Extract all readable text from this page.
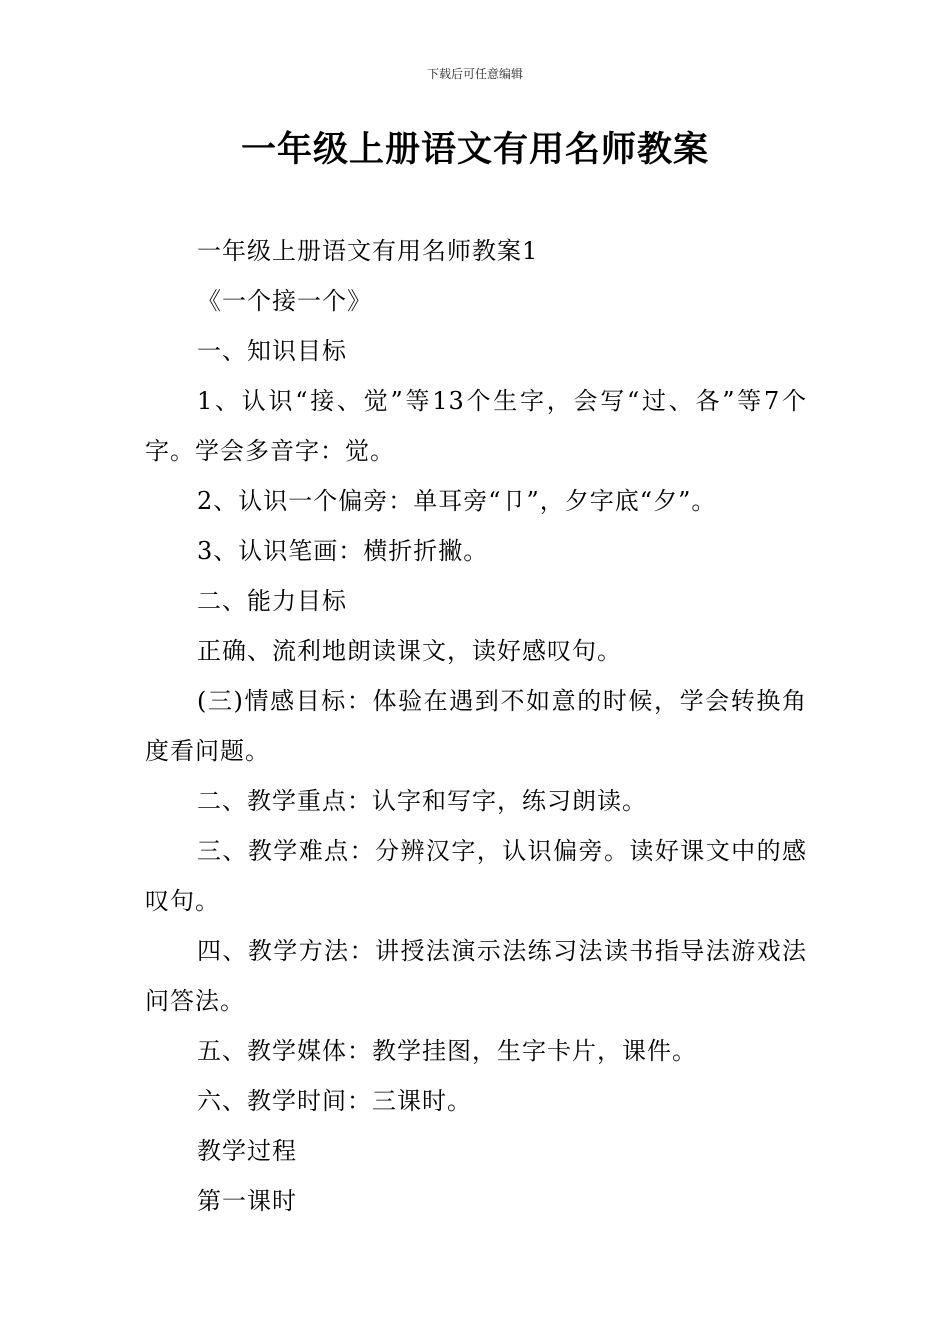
下载后可任意编辑
一年级上册语文有用名师教案

一年级上册语文有用名师教案1

《一个接一个》

一、知识目标

1、认识“接、觉”等13个生字，会写“过、各”等7个字。学会多音字：觉。

2、认识一个偏旁：单耳旁“卩”，夕字底“夕”。

3、认识笔画：横折折撇。

二、能力目标

正确、流利地朗读课文，读好感叹句。

(三)情感目标：体验在遇到不如意的时候，学会转换角度看问题。

二、教学重点：认字和写字，练习朗读。

三、教学难点：分辨汉字，认识偏旁。读好课文中的感叹句。

四、教学方法：讲授法演示法练习法读书指导法游戏法问答法。

五、教学媒体：教学挂图，生字卡片，课件。

六、教学时间：三课时。

教学过程

第一课时
